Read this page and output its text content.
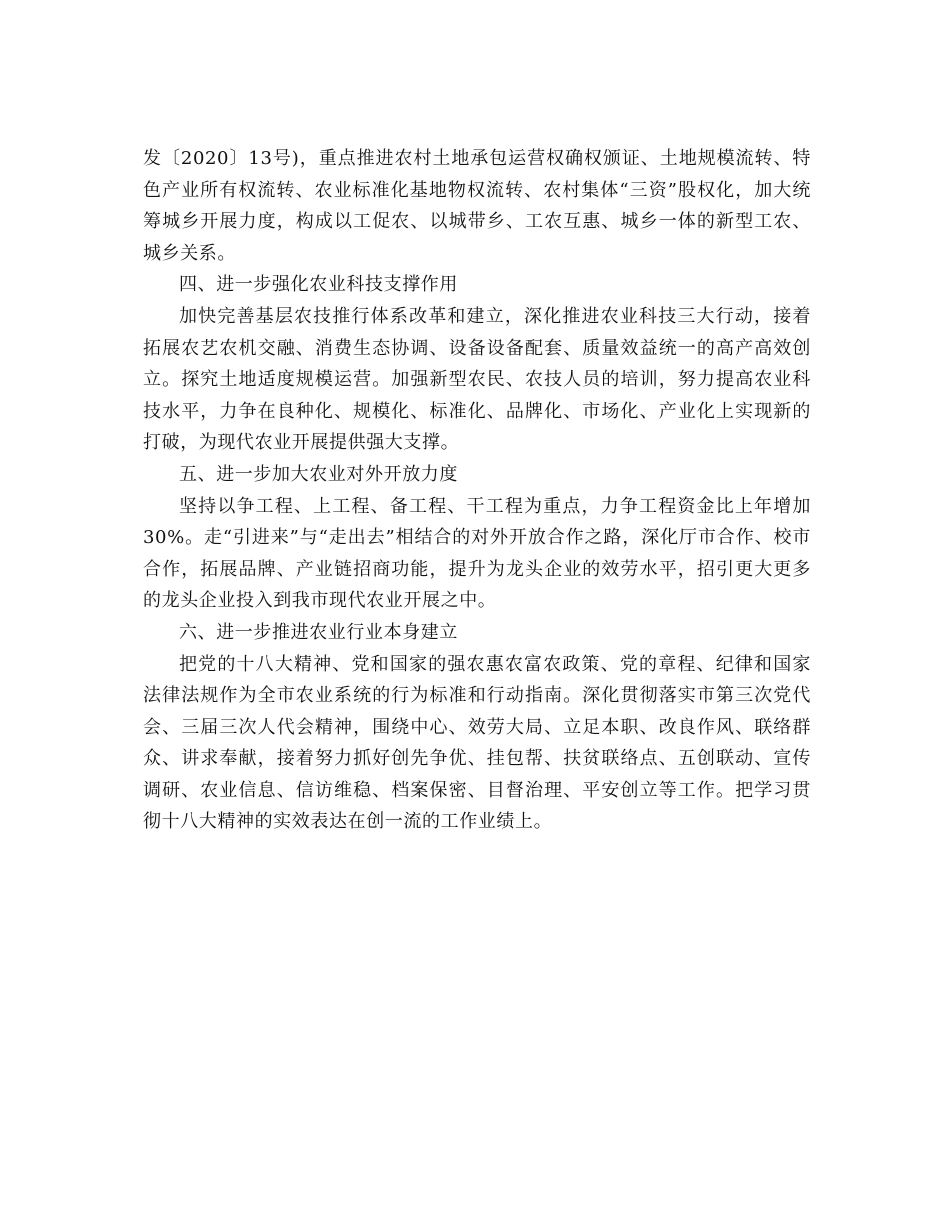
发〔2020〕13号)，重点推进农村土地承包运营权确权颁证、土地规模流转、特色产业所有权流转、农业标准化基地物权流转、农村集体“三资”股权化，加大统筹城乡开展力度，构成以工促农、以城带乡、工农互惠、城乡一体的新型工农、城乡关系。

四、进一步强化农业科技支撑作用

加快完善基层农技推行体系改革和建立，深化推进农业科技三大行动，接着拓展农艺农机交融、消费生态协调、设备设备配套、质量效益统一的高产高效创立。探究土地适度规模运营。加强新型农民、农技人员的培训，努力提高农业科技水平，力争在良种化、规模化、标准化、品牌化、市场化、产业化上实现新的打破，为现代农业开展提供强大支撑。

五、进一步加大农业对外开放力度

坚持以争工程、上工程、备工程、干工程为重点，力争工程资金比上年增加30%。走“引进来”与“走出去”相结合的对外开放合作之路，深化厅市合作、校市合作，拓展品牌、产业链招商功能，提升为龙头企业的效劳水平，招引更大更多的龙头企业投入到我市现代农业开展之中。

六、进一步推进农业行业本身建立

把党的十八大精神、党和国家的强农惠农富农政策、党的章程、纪律和国家法律法规作为全市农业系统的行为标准和行动指南。深化贯彻落实市第三次党代会、三届三次人代会精神，围绕中心、效劳大局、立足本职、改良作风、联络群众、讲求奉献，接着努力抓好创先争优、挂包帮、扶贫联络点、五创联动、宣传调研、农业信息、信访维稳、档案保密、目督治理、平安创立等工作。把学习贯彻十八大精神的实效表达在创一流的工作业绩上。
